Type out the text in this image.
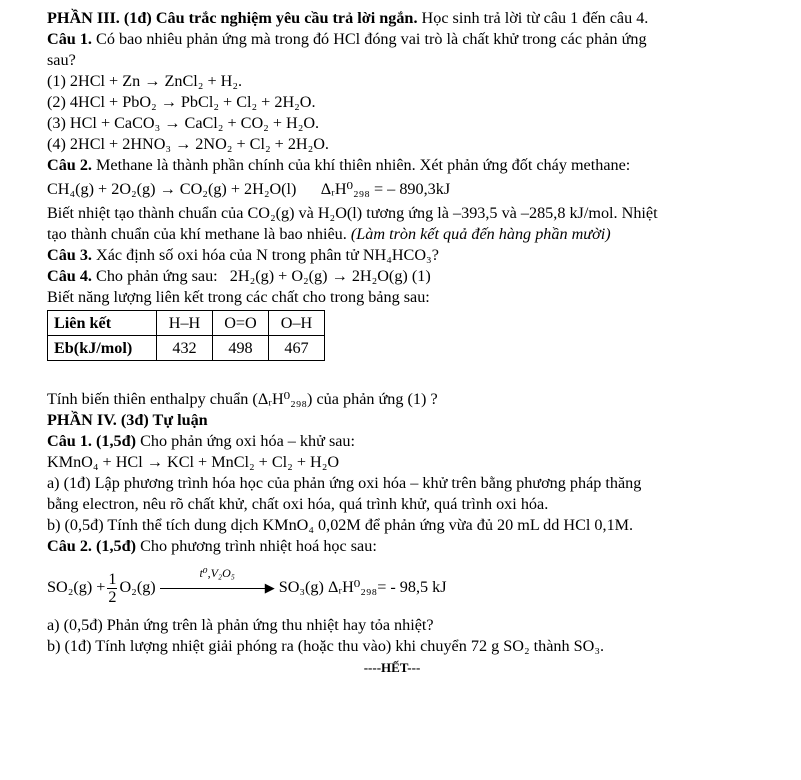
PHẦN III. (1đ) Câu trắc nghiệm yêu cầu trả lời ngắn. Học sinh trả lời từ câu 1 đến câu 4.

Câu 1. Có bao nhiêu phản ứng mà trong đó HCl đóng vai trò là chất khử trong các phản ứng

sau?

(1) 2HCl + Zn → ZnCl₂ + H₂.

(2) 4HCl + PbO₂ → PbCl₂ + Cl₂ + 2H₂O.

(3) HCl + CaCO₃ → CaCl₂ + CO₂ + H₂O.

(4) 2HCl + 2HNO₃ → 2NO₂ + Cl₂ + 2H₂O.

Câu 2. Methane là thành phần chính của khí thiên nhiên. Xét phản ứng đốt cháy methane:

CH₄(g) + 2O₂(g) → CO₂(g) + 2H₂O(l)      ΔᵣH⁰₂₉₈ = – 890,3kJ

Biết nhiệt tạo thành chuẩn của CO₂(g) và H₂O(l) tương ứng là –393,5 và –285,8 kJ/mol. Nhiệt

tạo thành chuẩn của khí methane là bao nhiêu. (Làm tròn kết quả đến hàng phần mười)

Câu 3. Xác định số oxi hóa của N trong phân tử NH₄HCO₃?

Câu 4. Cho phản ứng sau:   2H₂(g) + O₂(g) → 2H₂O(g) (1)

Biết năng lượng liên kết trong các chất cho trong bảng sau:

Liên kết	H–H	O=O	O–H
Eb(kJ/mol)	432	498	467

Tính biến thiên enthalpy chuẩn (ΔᵣH⁰₂₉₈) của phản ứng (1) ?

PHẦN IV. (3đ) Tự luận

Câu 1. (1,5đ) Cho phản ứng oxi hóa – khử sau:

KMnO₄ + HCl → KCl + MnCl₂ + Cl₂ + H₂O

a) (1đ) Lập phương trình hóa học của phản ứng oxi hóa – khử trên bằng phương pháp thăng

bằng electron, nêu rõ chất khử, chất oxi hóa, quá trình khử, quá trình oxi hóa.

b) (0,5đ) Tính thể tích dung dịch KMnO₄ 0,02M để phản ứng vừa đủ 20 mL dd HCl 0,1M.

Câu 2. (1,5đ) Cho phương trình nhiệt hoá học sau:

$SO_2(g) + \frac{1}{2} O_2(g)$
t⁰,V₂O₅
▶ SO₃(g) ΔᵣH⁰₂₉₈= - 98,5 kJ

a) (0,5đ) Phản ứng trên là phản ứng thu nhiệt hay tỏa nhiệt?

b) (1đ) Tính lượng nhiệt giải phóng ra (hoặc thu vào) khi chuyển 72 g SO₂ thành SO₃.

----HẾT---
